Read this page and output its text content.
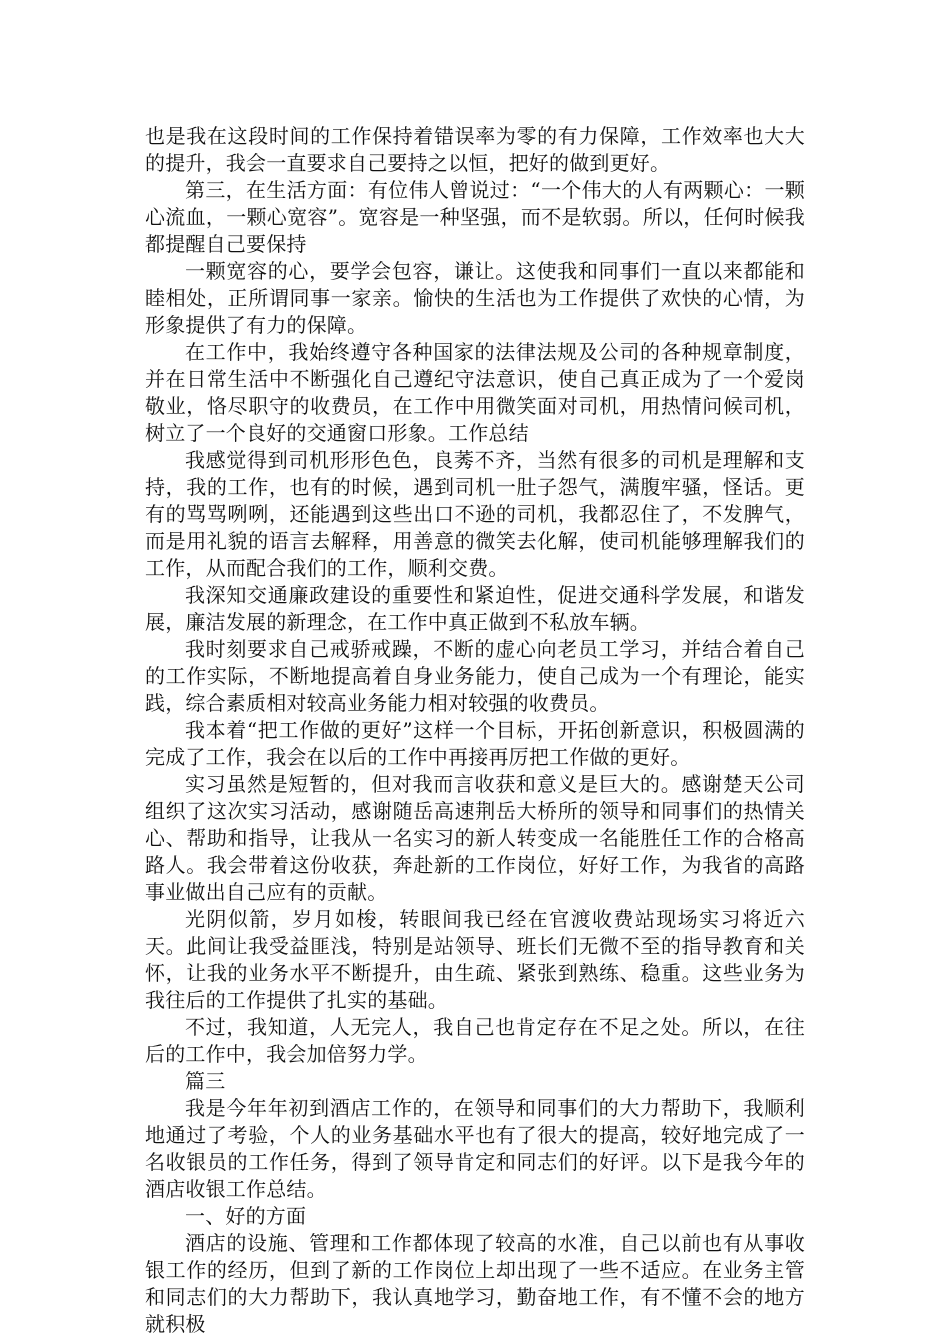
也是我在这段时间的工作保持着错误率为零的有力保障，工作效率也大大的提升，我会一直要求自己要持之以恒，把好的做到更好。

第三，在生活方面：有位伟人曾说过：“一个伟大的人有两颗心：一颗心流血，一颗心宽容”。宽容是一种坚强，而不是软弱。所以，任何时候我都提醒自己要保持

一颗宽容的心，要学会包容，谦让。这使我和同事们一直以来都能和睦相处，正所谓同事一家亲。愉快的生活也为工作提供了欢快的心情，为形象提供了有力的保障。

在工作中，我始终遵守各种国家的法律法规及公司的各种规章制度，并在日常生活中不断强化自己遵纪守法意识，使自己真正成为了一个爱岗敬业，恪尽职守的收费员，在工作中用微笑面对司机，用热情问候司机，树立了一个良好的交通窗口形象。工作总结

我感觉得到司机形形色色，良莠不齐，当然有很多的司机是理解和支持，我的工作，也有的时候，遇到司机一肚子怨气，满腹牢骚，怪话。更有的骂骂咧咧，还能遇到这些出口不逊的司机，我都忍住了，不发脾气，而是用礼貌的语言去解释，用善意的微笑去化解，使司机能够理解我们的工作，从而配合我们的工作，顺利交费。

我深知交通廉政建设的重要性和紧迫性，促进交通科学发展，和谐发展，廉洁发展的新理念，在工作中真正做到不私放车辆。

我时刻要求自己戒骄戒躁，不断的虚心向老员工学习，并结合着自己的工作实际，不断地提高着自身业务能力，使自己成为一个有理论，能实践，综合素质相对较高业务能力相对较强的收费员。

我本着“把工作做的更好”这样一个目标，开拓创新意识，积极圆满的完成了工作，我会在以后的工作中再接再厉把工作做的更好。

实习虽然是短暂的，但对我而言收获和意义是巨大的。感谢楚天公司组织了这次实习活动，感谢随岳高速荆岳大桥所的领导和同事们的热情关心、帮助和指导，让我从一名实习的新人转变成一名能胜任工作的合格高路人。我会带着这份收获，奔赴新的工作岗位，好好工作，为我省的高路事业做出自己应有的贡献。

光阴似箭，岁月如梭，转眼间我已经在官渡收费站现场实习将近六天。此间让我受益匪浅，特别是站领导、班长们无微不至的指导教育和关怀，让我的业务水平不断提升，由生疏、紧张到熟练、稳重。这些业务为我往后的工作提供了扎实的基础。

不过，我知道，人无完人，我自己也肯定存在不足之处。所以，在往后的工作中，我会加倍努力学。

篇三

我是今年年初到酒店工作的，在领导和同事们的大力帮助下，我顺利地通过了考验，个人的业务基础水平也有了很大的提高，较好地完成了一名收银员的工作任务，得到了领导肯定和同志们的好评。以下是我今年的酒店收银工作总结。

一、好的方面

酒店的设施、管理和工作都体现了较高的水准，自己以前也有从事收银工作的经历，但到了新的工作岗位上却出现了一些不适应。在业务主管和同志们的大力帮助下，我认真地学习，勤奋地工作，有不懂不会的地方就积极
